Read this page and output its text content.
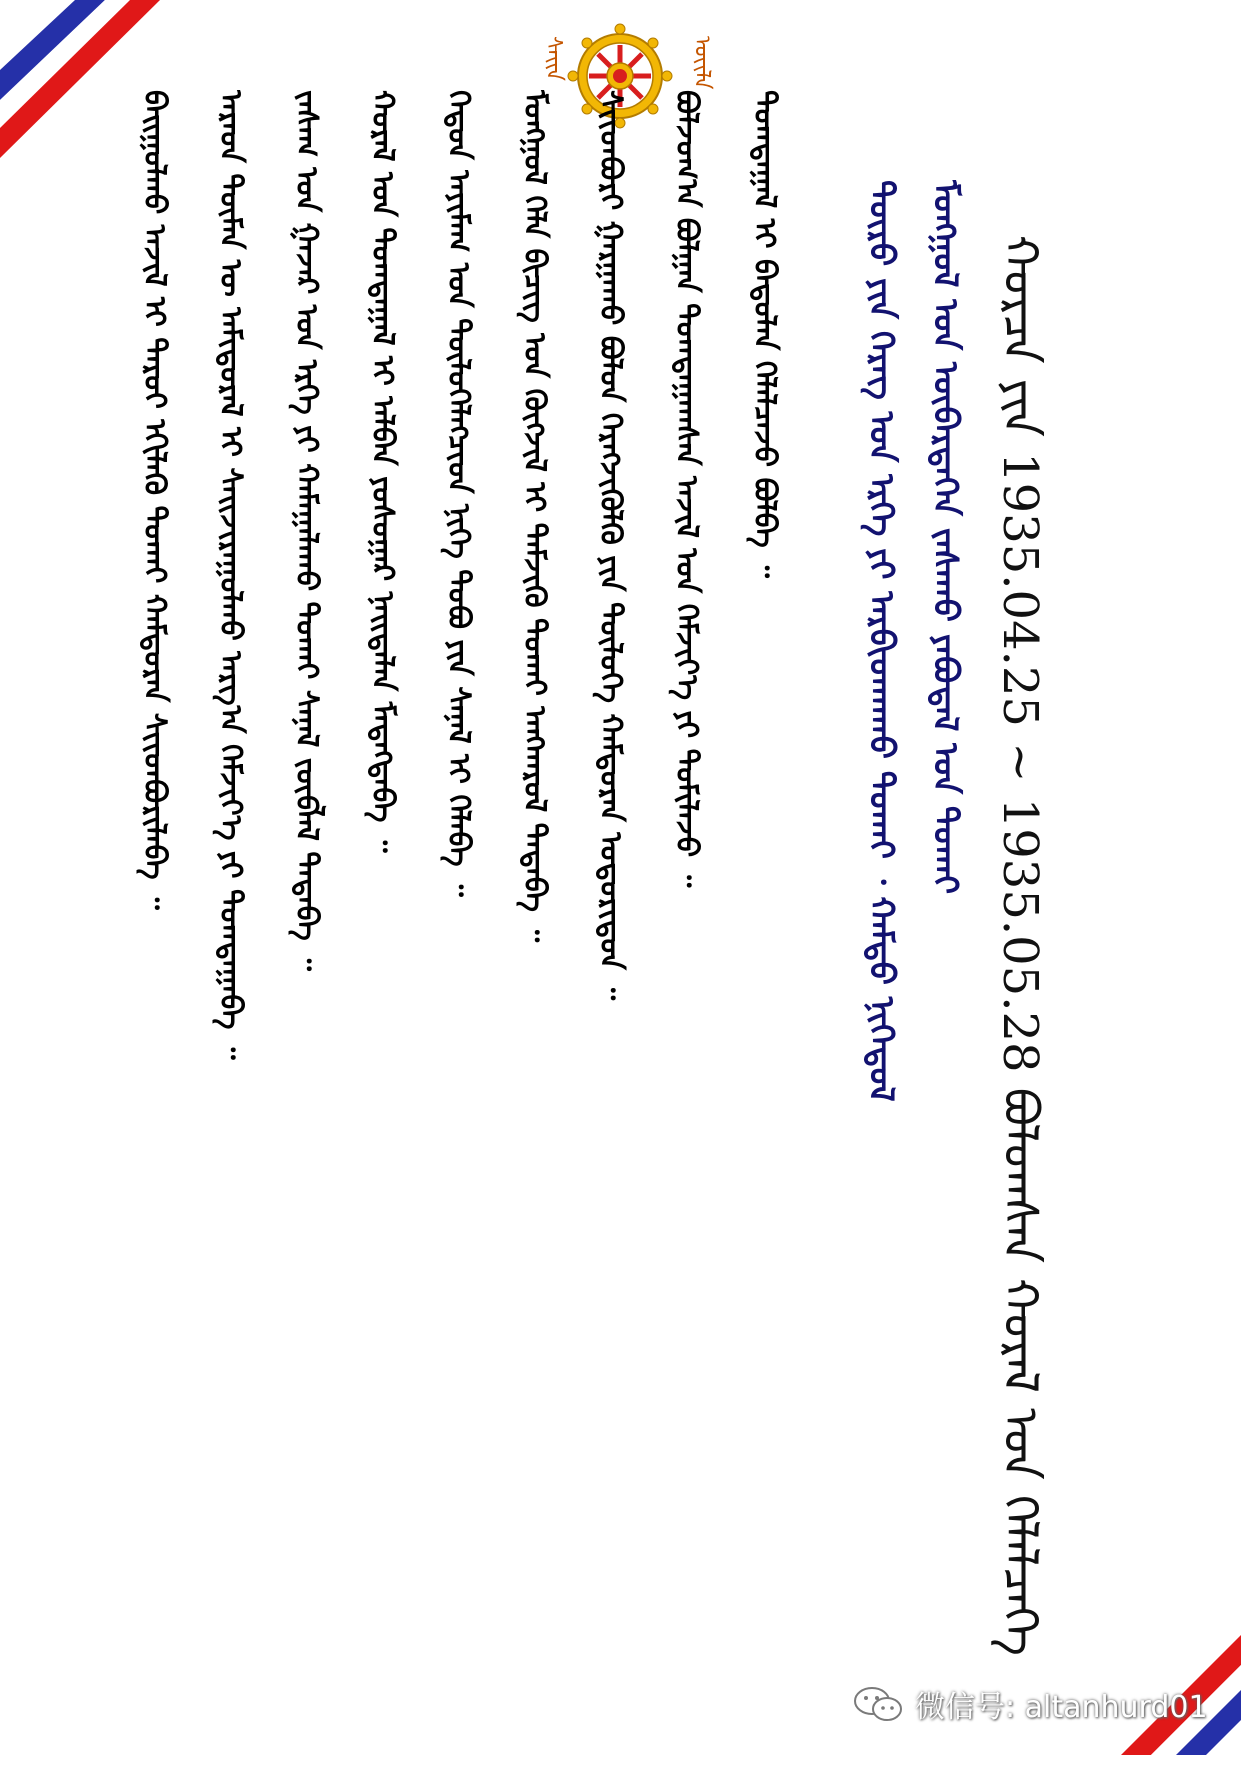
ᠰᠠᠢᠨ	ᠦᠢᠯᠡ
ᠬᠤᠷᠴᠠ ᠶᠢᠨ 1935.04.25 ~ 1935.05.28 ᠪᠣᠯᠤᠭᠰᠠᠨ ᠬᠤᠷᠠᠯ ᠤᠨ ᠬᠡᠯᠡᠯᠴᠡᠭᠡ
ᠮᠣᠩᠭᠣᠯ ᠤᠨ ᠥᠪᠡᠷᠲᠡᠭᠡᠨ ᠵᠠᠰᠠᠬᠤ ᠶᠠᠪᠤᠳᠠᠯ ᠤᠨ ᠲᠤᠬᠠᠢ
ᠲᠥᠷᠦ ᠶᠢᠨ ᠬᠡᠷᠡᠭ ᠤᠨ ᠡᠷᠬᠡ ᠶᠢ ᠠᠷᠪᠢᠳᠬᠠᠬᠤ ᠲᠤᠬᠠᠢ ᠂ ᠬᠠᠮᠲᠤ ᠨᠢᠭᠡᠳᠦᠯ
ᠲᠣᠭᠲᠠᠭᠠᠯ ᠢ ᠪᠠᠲᠤᠯᠠᠨ ᠬᠡᠯᠡᠯᠴᠡᠵᠦ ᠪᠣᠯᠪᠠ ᠃
ᠪᠣᠯᠵᠣᠭ᠎ᠠ ᠪᠣᠯᠭᠠᠨ ᠲᠣᠭᠲᠠᠭᠠᠭᠰᠠᠨ ᠠᠵᠢᠯ ᠤᠨ ᠬᠡᠮᠵᠢᠶ᠎ᠡ ᠶᠢ ᠲᠣᠮᠢᠯᠠᠵᠤ ᠃
ᠰᠢᠢᠳᠪᠦᠷᠢ ᠭᠠᠷᠭᠠᠬᠤ ᠪᠣᠯᠤᠨ ᠬᠡᠷᠡᠭᠵᠢᠭᠦᠯᠬᠦ ᠶᠢᠨ ᠲᠥᠯᠦᠭᠡ ᠬᠠᠮᠲᠤᠷᠠᠨ ᠤᠳᠤᠷᠢᠳᠤᠨ ᠃
ᠮᠣᠩᠭᠣᠯ ᠬᠡᠯᠡ ᠪᠢᠴᠢᠭ ᠤᠨ ᠬᠥᠭᠵᠢᠯ ᠢ ᠳᠡᠮᠵᠢᠬᠦ ᠲᠤᠬᠠᠢ ᠠᠩᠬᠠᠷᠤᠯ ᠲᠠᠲᠠᠪᠠ ᠃
ᠬᠡᠳᠦᠨ ᠠᠶᠢᠮᠠᠭ ᠤᠨ ᠲᠥᠯᠦᠭᠡᠯᠡᠭᠴᠢᠳ ᠨᠢᠭᠡ ᠳᠤᠪᠤ ᠶᠢᠨ ᠰᠠᠨᠠᠯ ᠢ ᠬᠡᠯᠡᠪᠡ ᠃
ᠬᠤᠷᠠᠯ ᠤᠨ ᠲᠣᠭᠲᠠᠭᠠᠯ ᠢ ᠠᠯᠪᠠᠨ ᠶᠣᠰᠤᠭᠠᠷ ᠨᠡᠢᠲᠡᠯᠡᠨ ᠮᠡᠳᠡᠭᠳᠡᠪᠡ ᠃
ᠵᠠᠰᠠᠭ ᠤᠨ ᠭᠠᠵᠠᠷ ᠤᠨ ᠡᠷᠬᠡ ᠶᠢ ᠬᠠᠮᠠᠭᠠᠯᠠᠬᠤ ᠲᠤᠬᠠᠢ ᠰᠠᠨᠠᠯ ᠵᠥᠪᠯᠡᠯ ᠲᠠᠲᠠᠪᠠ ᠃
ᠠᠷᠠᠳ ᠲᠦᠮᠡᠨ ᠦ ᠠᠮᠢᠳᠤᠷᠠᠯ ᠢ ᠰᠠᠢᠵᠢᠷᠠᠭᠤᠯᠬᠤ ᠠᠷᠭ᠎ᠠ ᠬᠡᠮᠵᠢᠶ᠎ᠡ ᠶᠢ ᠲᠣᠭᠲᠠᠭᠠᠪᠠ ᠃
ᠪᠠᠢᠭᠤᠯᠬᠤ ᠠᠵᠢᠯ ᠢ ᠳᠠᠷᠤᠢ ᠡᠬᠢᠯᠡᠬᠦ ᠲᠤᠬᠠᠢ ᠬᠠᠮᠲᠤᠷᠠᠨ ᠰᠢᠢᠳᠪᠦᠷᠢᠯᠡᠪᠡ ᠃
微信号: altanhurd01
